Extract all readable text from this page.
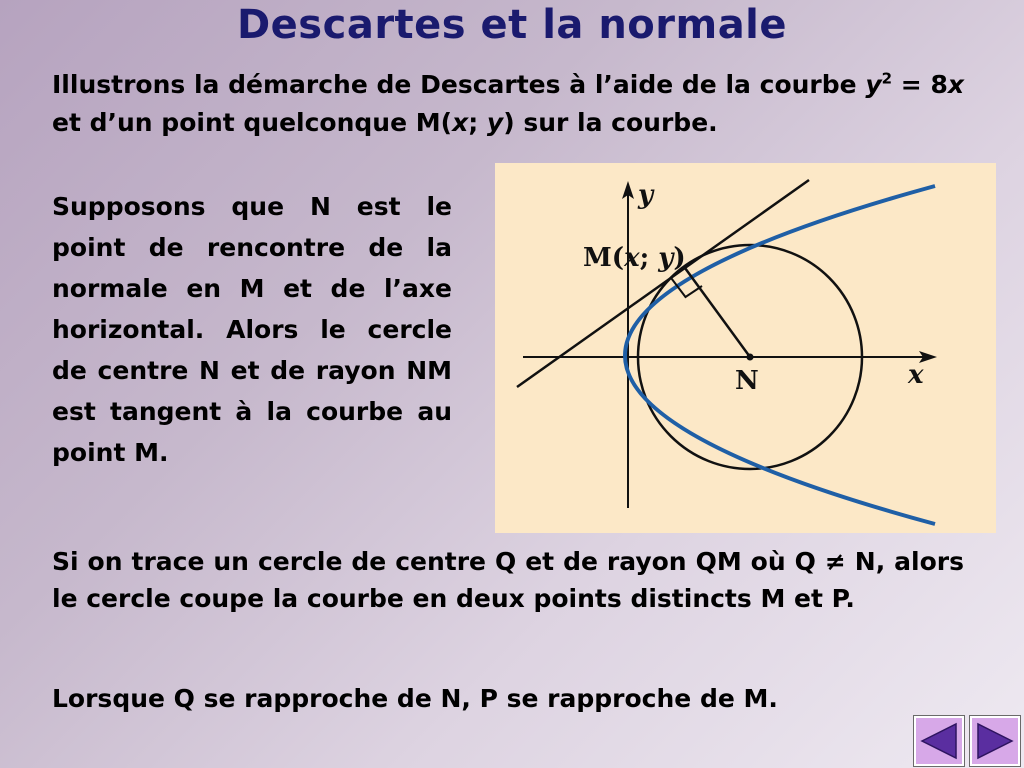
Descartes et la normale
Illustrons la démarche de Descartes à l’aide de la courbe $y^2 = 8x$ et d’un point quelconque M(x; y) sur la courbe.
Supposons que N est le point de rencontre de la normale en M et de l’axe horizontal. Alors le cercle de centre N et de rayon NM est tangent à la courbe au point M.
y
x
M(x; y)
N
Si on trace un cercle de centre Q et de rayon QM où Q ≠ N, alors le cercle coupe la courbe en deux points distincts M et P.
Lorsque Q se rapproche de N, P se rapproche de M.
